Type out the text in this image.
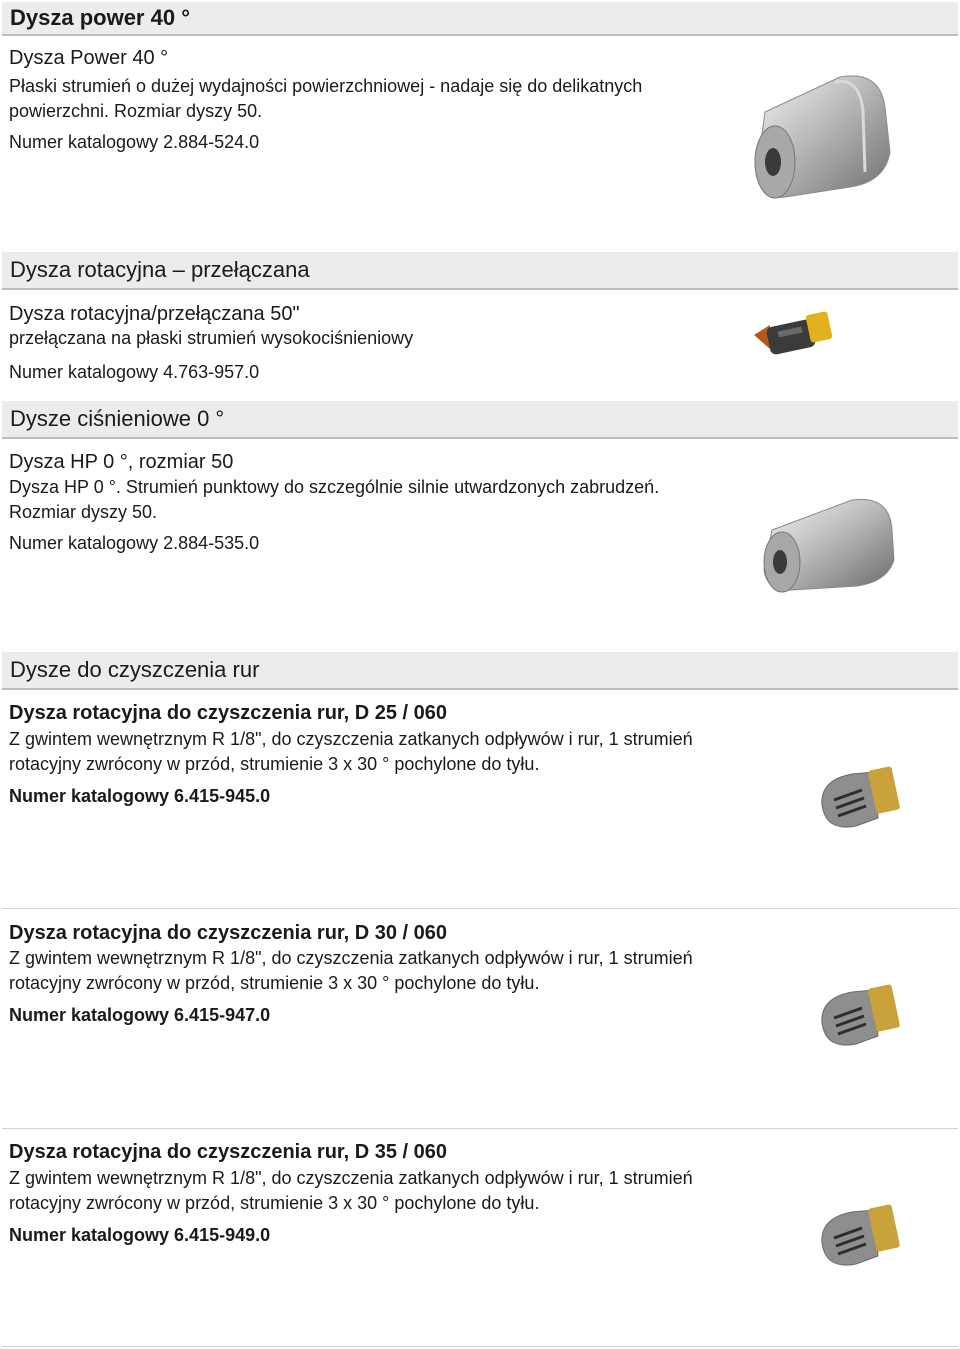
Dysza power 40 °
Dysza Power 40 °
Płaski strumień o dużej wydajności powierzchniowej - nadaje się do delikatnych powierzchni. Rozmiar dyszy 50.
Numer katalogowy 2.884-524.0
Dysza rotacyjna – przełączana
Dysza rotacyjna/przełączana 50"
przełączana na płaski strumień wysokociśnieniowy
Numer katalogowy 4.763-957.0
Dysze ciśnieniowe 0 °
Dysza HP 0 °, rozmiar 50
Dysza HP 0 °. Strumień punktowy do szczególnie silnie utwardzonych zabrudzeń. Rozmiar dyszy 50.
Numer katalogowy 2.884-535.0
Dysze do czyszczenia rur
Dysza rotacyjna do czyszczenia rur, D 25 / 060
Z gwintem wewnętrznym R 1/8", do czyszczenia zatkanych odpływów i rur, 1 strumień rotacyjny zwrócony w przód, strumienie 3 x 30 ° pochylone do tyłu.
Numer katalogowy 6.415-945.0
Dysza rotacyjna do czyszczenia rur, D 30 / 060
Z gwintem wewnętrznym R 1/8", do czyszczenia zatkanych odpływów i rur, 1 strumień rotacyjny zwrócony w przód, strumienie 3 x 30 ° pochylone do tyłu.
Numer katalogowy 6.415-947.0
Dysza rotacyjna do czyszczenia rur, D 35 / 060
Z gwintem wewnętrznym R 1/8", do czyszczenia zatkanych odpływów i rur, 1 strumień rotacyjny zwrócony w przód, strumienie 3 x 30 ° pochylone do tyłu.
Numer katalogowy 6.415-949.0
